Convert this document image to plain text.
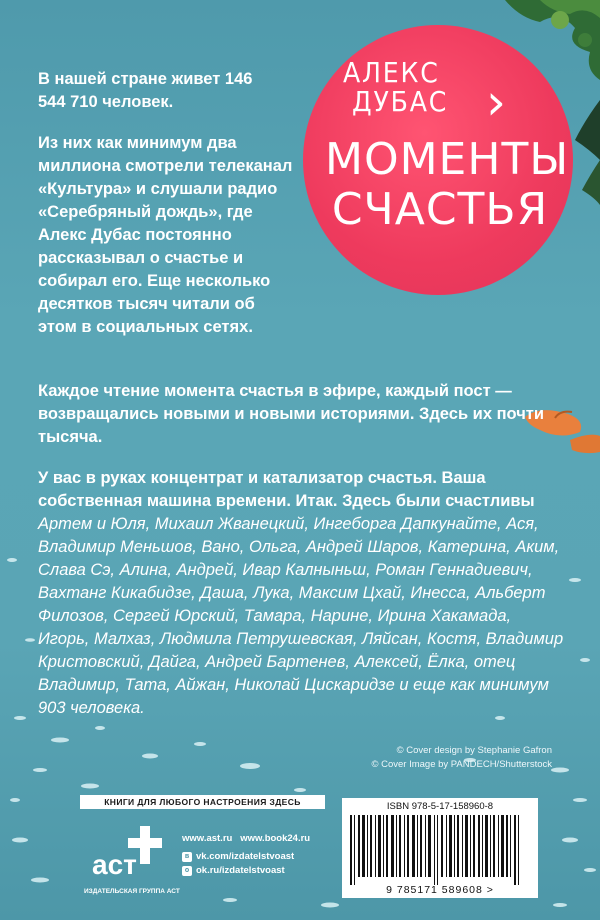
АЛЕКС
ДУБАС ›
МОМЕНТЫ
СЧАСТЬЯ
В нашей стране живет 146 544 710 человек.
Из них как минимум два миллиона смотрели телеканал «Культура» и слушали радио «Серебряный дождь», где Алекс Дубас постоянно рассказывал о счастье и собирал его. Еще несколько десятков тысяч читали об этом в социальных сетях.
Каждое чтение момента счастья в эфире, каждый пост — возвращались новыми и новыми историями. Здесь их почти тысяча.
У вас в руках концентрат и катализатор счастья. Ваша собственная машина времени. Итак. Здесь были счастливы Артем и Юля, Михаил Жванецкий, Ингеборга Дапкунайте, Ася, Владимир Меньшов, Вано, Ольга, Андрей Шаров, Катерина, Аким, Слава Сэ, Алина, Андрей, Ивар Калныньш, Роман Геннадиевич, Вахтанг Кикабидзе, Даша, Лука, Максим Цхай, Инесса, Альберт Филозов, Сергей Юрский, Тамара, Нарине, Ирина Хакамада, Игорь, Малхаз, Людмила Петрушевская, Ляйсан, Костя, Владимир Кристовский, Дайга, Андрей Бартенев, Алексей, Ёлка, отец Владимир, Тата, Айжан, Николай Цискаридзе и еще как минимум 903 человека.
© Cover design by Stephanie Gafron
© Cover Image by PANDECH/Shutterstock
КНИГИ ДЛЯ ЛЮБОГО НАСТРОЕНИЯ ЗДЕСЬ
аст
ИЗДАТЕЛЬСКАЯ ГРУППА АСТ
www.ast.ru   www.book24.ru
в vk.com/izdatelstvoast
о ok.ru/izdatelstvoast
ISBN 978-5-17-158960-8
9 785171 589608 >
